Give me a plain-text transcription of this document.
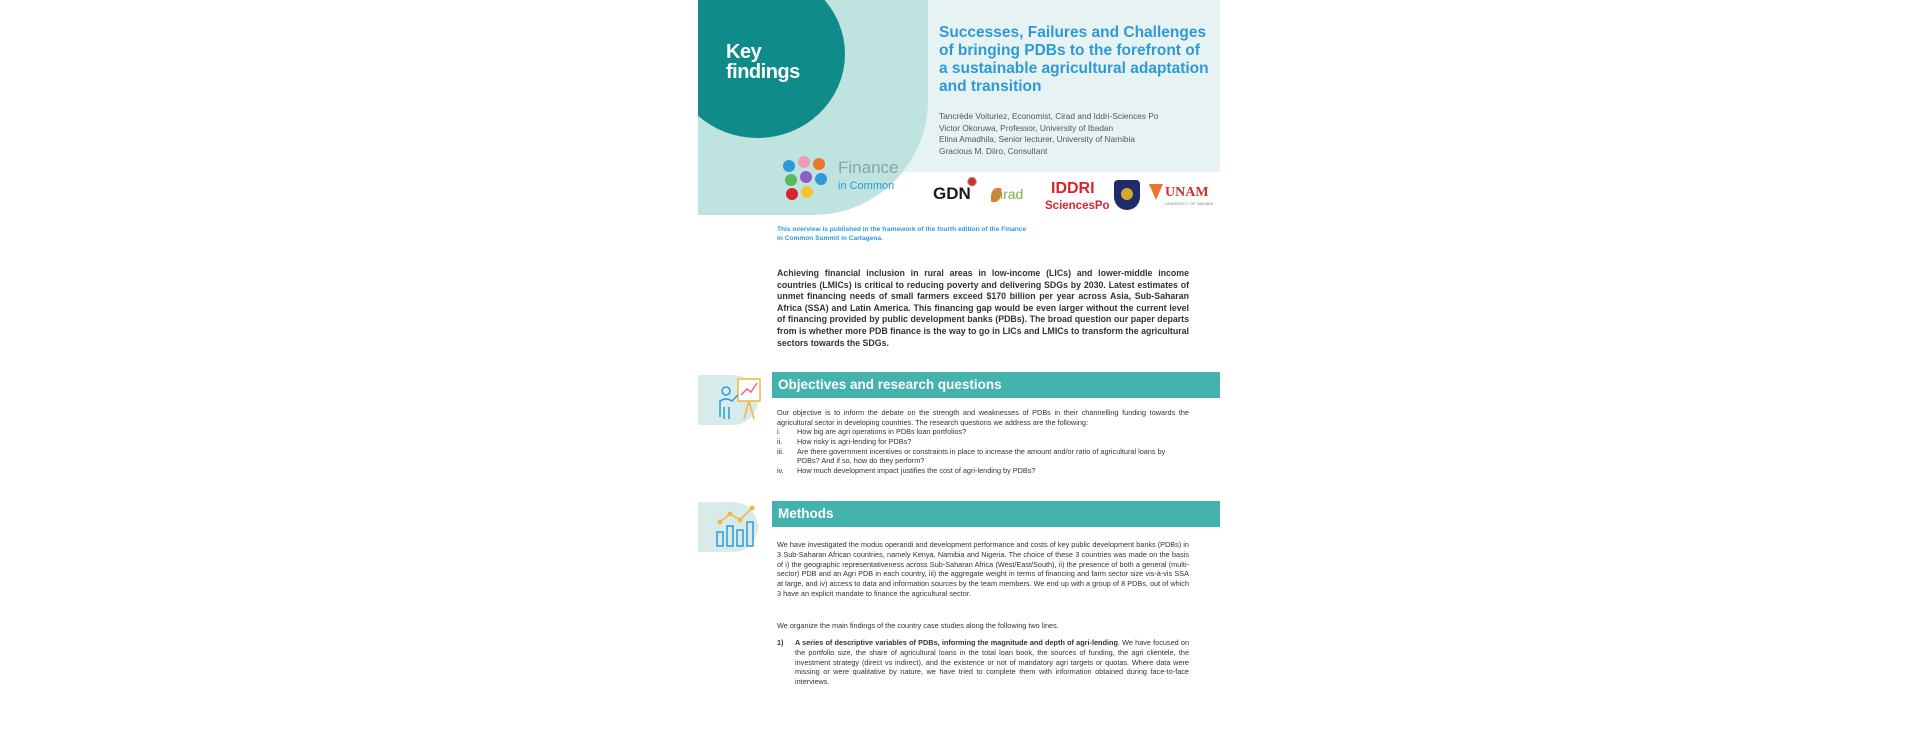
Key
findings
Successes, Failures and Challenges of bringing PDBs to the forefront of a sustainable agricultural adaptation and transition
Tancrède Voituriez, Economist, Cirad and Iddri-Sciences Po
Victor Okoruwa, Professor, University of Ibadan
Elina Amadhila, Senior lecturer, University of Namibia
Gracious M. Diiro, Consultant
Finance
in Common GDN
✺
cirad IDDRI
SciencesPo
UNAM
UNIVERSITY OF NAMIBIA
This overview is published in the framework of the fourth edition of the Finance in Common Summit in Cartagena.
Achieving financial inclusion in rural areas in low-income (LICs) and lower-middle income countries (LMICs) is critical to reducing poverty and delivering SDGs by 2030. Latest estimates of unmet financing needs of small farmers exceed $170 billion per year across Asia, Sub-Saharan Africa (SSA) and Latin America. This financing gap would be even larger without the current level of financing provided by public development banks (PDBs). The broad question our paper departs from is whether more PDB finance is the way to go in LICs and LMICs to transform the agricultural sectors towards the SDGs.
Objectives and research questions
Our objective is to inform the debate on the strength and weaknesses of PDBs in their channelling funding towards the agricultural sector in developing countries. The research questions we address are the following:
i.	How big are agri operations in PDBs loan portfolios?
ii.	How risky is agri-lending for PDBs?
iii.	Are there government incentives or constraints in place to increase the amount and/or ratio of agricultural loans by PDBs? And if so, how do they perform?
iv.	How much development impact justifies the cost of agri-lending by PDBs?
Methods
We have investigated the modus operandi and development performance and costs of key public development banks (PDBs) in 3 Sub-Saharan African countries, namely Kenya, Namibia and Nigeria. The choice of these 3 countries was made on the basis of i) the geographic representativeness across Sub-Saharan Africa (West/East/South), ii) the presence of both a general (multi-sector) PDB and an Agri PDB in each country, iii) the aggregate weight in terms of financing and farm sector size vis-à-vis SSA at large, and iv) access to data and information sources by the team members. We end up with a group of 8 PDBs, out of which 3 have an explicit mandate to finance the agricultural sector.
We organize the main findings of the country case studies along the following two lines.
1)	A series of descriptive variables of PDBs, informing the magnitude and depth of agri-lending. We have focused on the portfolio size, the share of agricultural loans in the total loan book, the sources of funding, the agri clientele, the investment strategy (direct vs indirect), and the existence or not of mandatory agri targets or quotas. Where data were missing or were qualitative by nature, we have tried to complete them with information obtained during face-to-face interviews.
